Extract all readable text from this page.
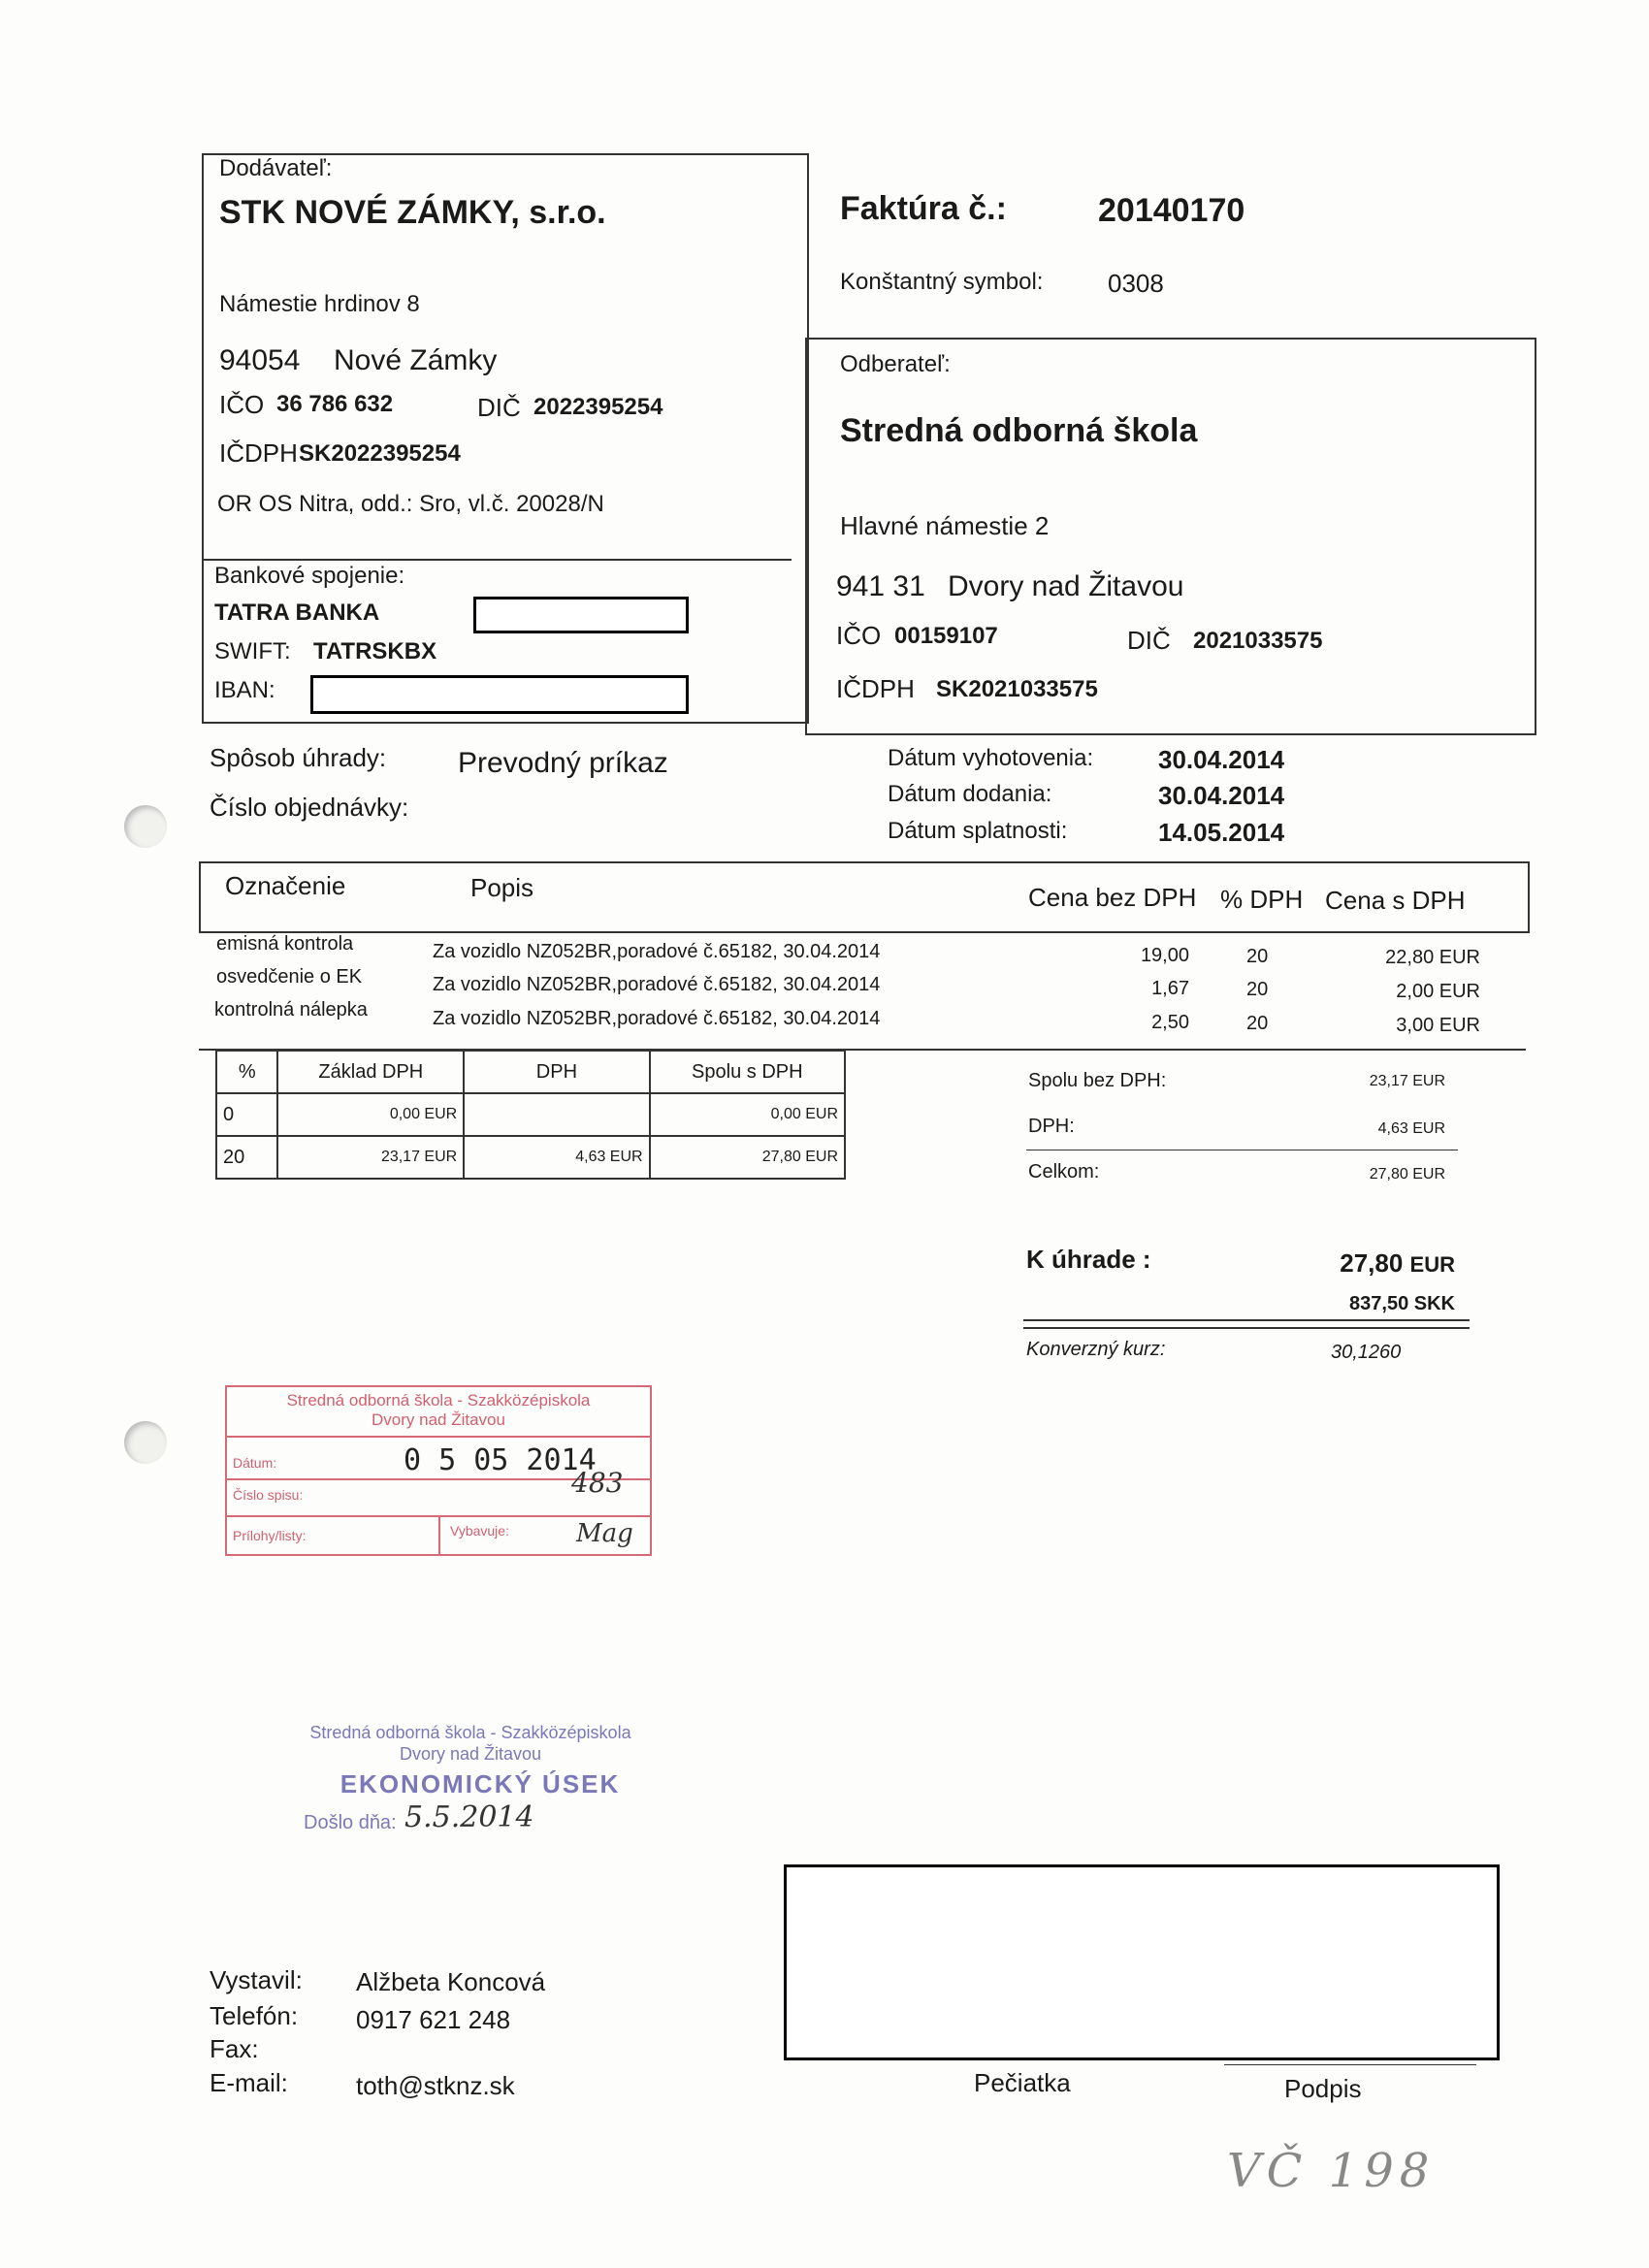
Dodávateľ:
STK NOVÉ ZÁMKY, s.r.o.
Námestie hrdinov 8
94054 Nové Zámky
IČO 36 786 632	DIČ 2022395254
IČDPH SK2022395254
OR OS Nitra, odd.: Sro, vl.č. 20028/N
Bankové spojenie:
TATRA BANKA
SWIFT: TATRSKBX
IBAN:
Faktúra č.:	20140170
Konštantný symbol:	0308
Odberateľ:
Stredná odborná škola
Hlavné námestie 2
941 31 Dvory nad Žitavou
IČO 00159107	DIČ 2021033575
IČDPH SK2021033575
Spôsob úhrady: Prevodný príkaz
Číslo objednávky:
Dátum vyhotovenia:	30.04.2014
Dátum dodania:	30.04.2014
Dátum splatnosti:	14.05.2014
Označenie	Popis	Cena bez DPH % DPH Cena s DPH
emisná kontrola	Za vozidlo NZ052BR,poradové č.65182, 30.04.2014	19,00	20	22,80 EUR
osvedčenie o EK	Za vozidlo NZ052BR,poradové č.65182, 30.04.2014	1,67	20	2,00 EUR
kontrolná nálepka	Za vozidlo NZ052BR,poradové č.65182, 30.04.2014	2,50	20	3,00 EUR
%	Základ DPH	DPH	Spolu s DPH
0	0,00 EUR		0,00 EUR
20	23,17 EUR	4,63 EUR	27,80 EUR
Spolu bez DPH:	23,17 EUR
DPH:	4,63 EUR
Celkom:	27,80 EUR
K úhrade :	27,80 EUR
837,50 SKK
Konverzný kurz:	30,1260
Stredná odborná škola - Szakközépiskola
Dvory nad Žitavou
Dátum:	0 5 05 2014
Číslo spisu:	483
Prílohy/listy:	Vybavuje:	Mag
Stredná odborná škola - Szakközépiskola
Dvory nad Žitavou
EKONOMICKÝ ÚSEK
Došlo dňa: 5.5.2014
Vystavil: Alžbeta Koncová
Telefón: 0917 621 248
Fax:
E-mail:	toth@stknz.sk	Pečiatka	Podpis
VČ 198
